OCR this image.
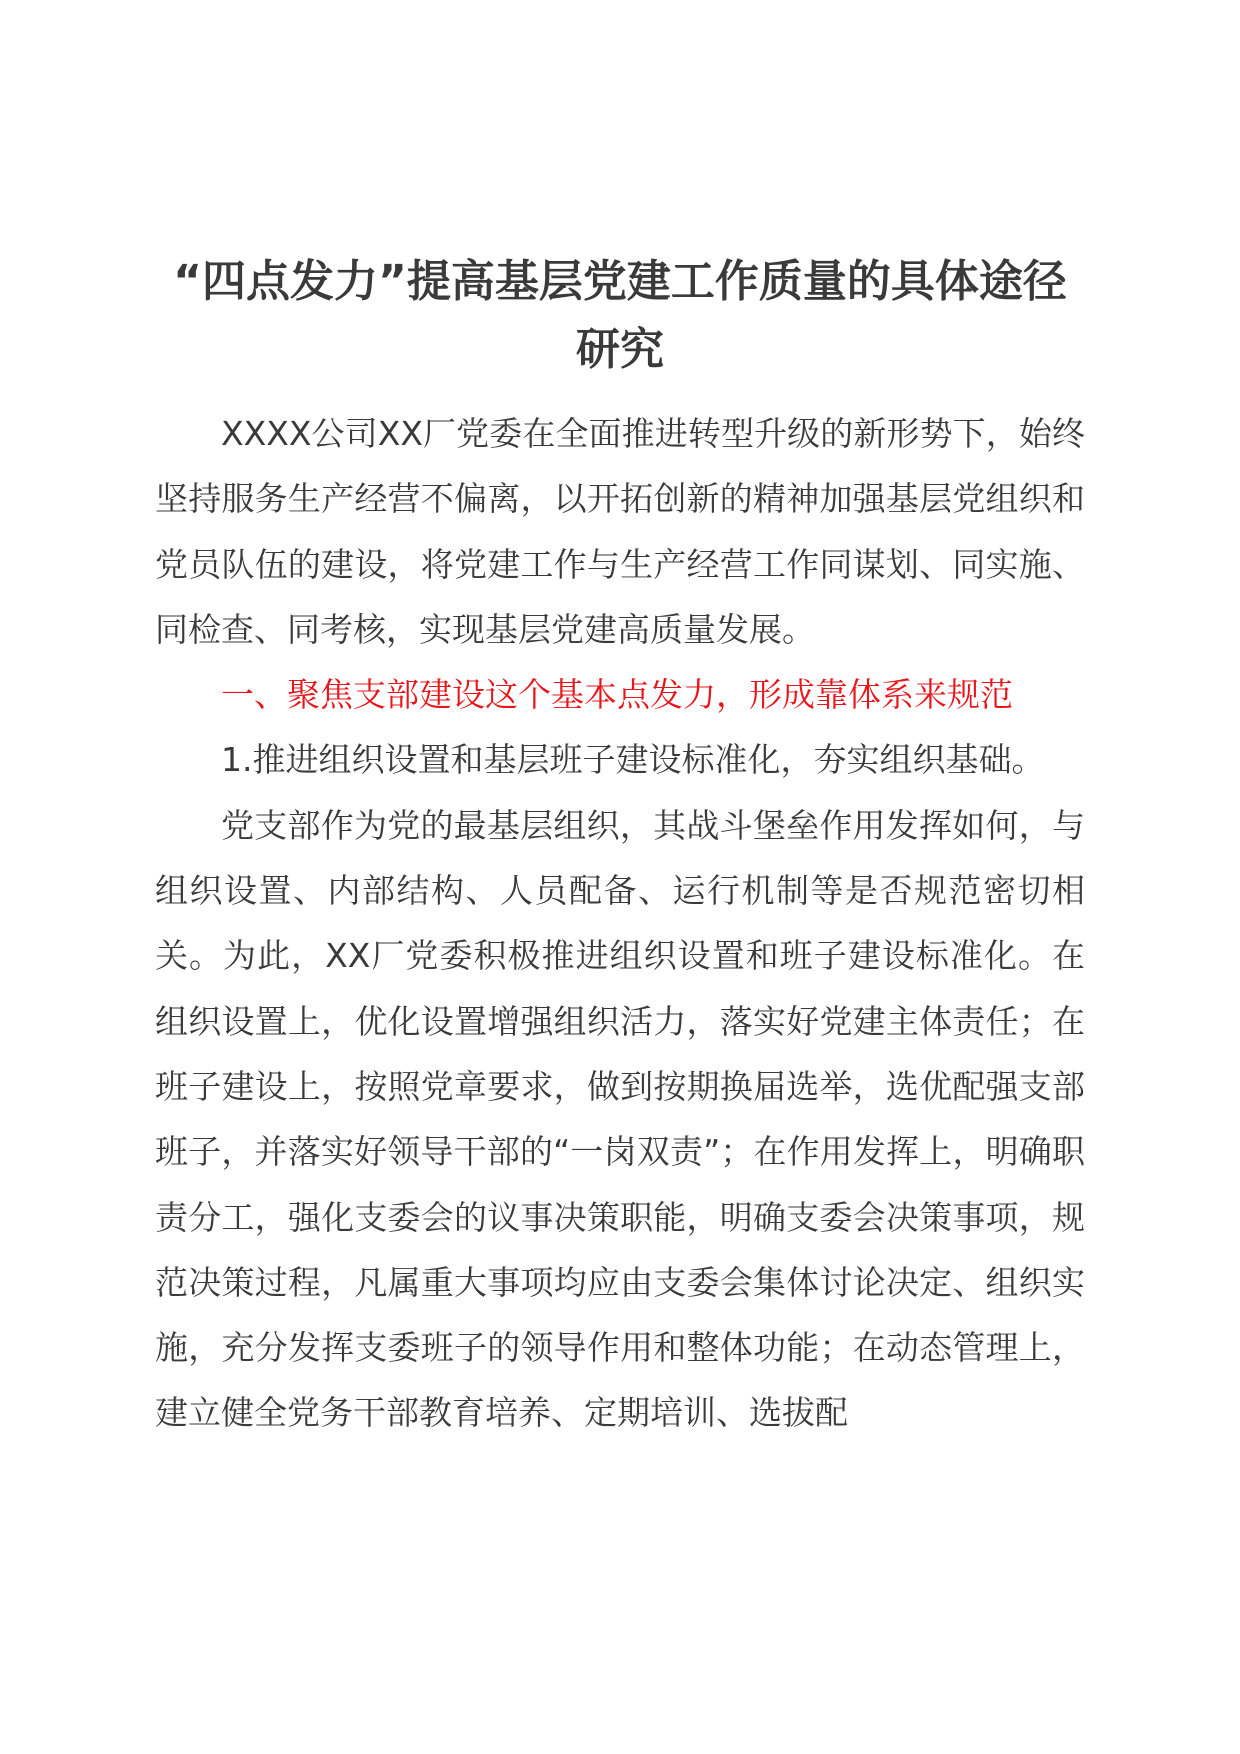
“四点发力”提高基层党建工作质量的具体途径研究

XXXX公司XX厂党委在全面推进转型升级的新形势下，始终坚持服务生产经营不偏离，以开拓创新的精神加强基层党组织和党员队伍的建设，将党建工作与生产经营工作同谋划、同实施、同检查、同考核，实现基层党建高质量发展。

一、聚焦支部建设这个基本点发力，形成靠体系来规范

1.推进组织设置和基层班子建设标准化，夯实组织基础。

党支部作为党的最基层组织，其战斗堡垒作用发挥如何，与组织设置、内部结构、人员配备、运行机制等是否规范密切相关。为此，XX厂党委积极推进组织设置和班子建设标准化。在组织设置上，优化设置增强组织活力，落实好党建主体责任；在班子建设上，按照党章要求，做到按期换届选举，选优配强支部班子，并落实好领导干部的“一岗双责”；在作用发挥上，明确职责分工，强化支委会的议事决策职能，明确支委会决策事项，规范决策过程，凡属重大事项均应由支委会集体讨论决定、组织实施，充分发挥支委班子的领导作用和整体功能；在动态管理上，建立健全党务干部教育培养、定期培训、选拔配
